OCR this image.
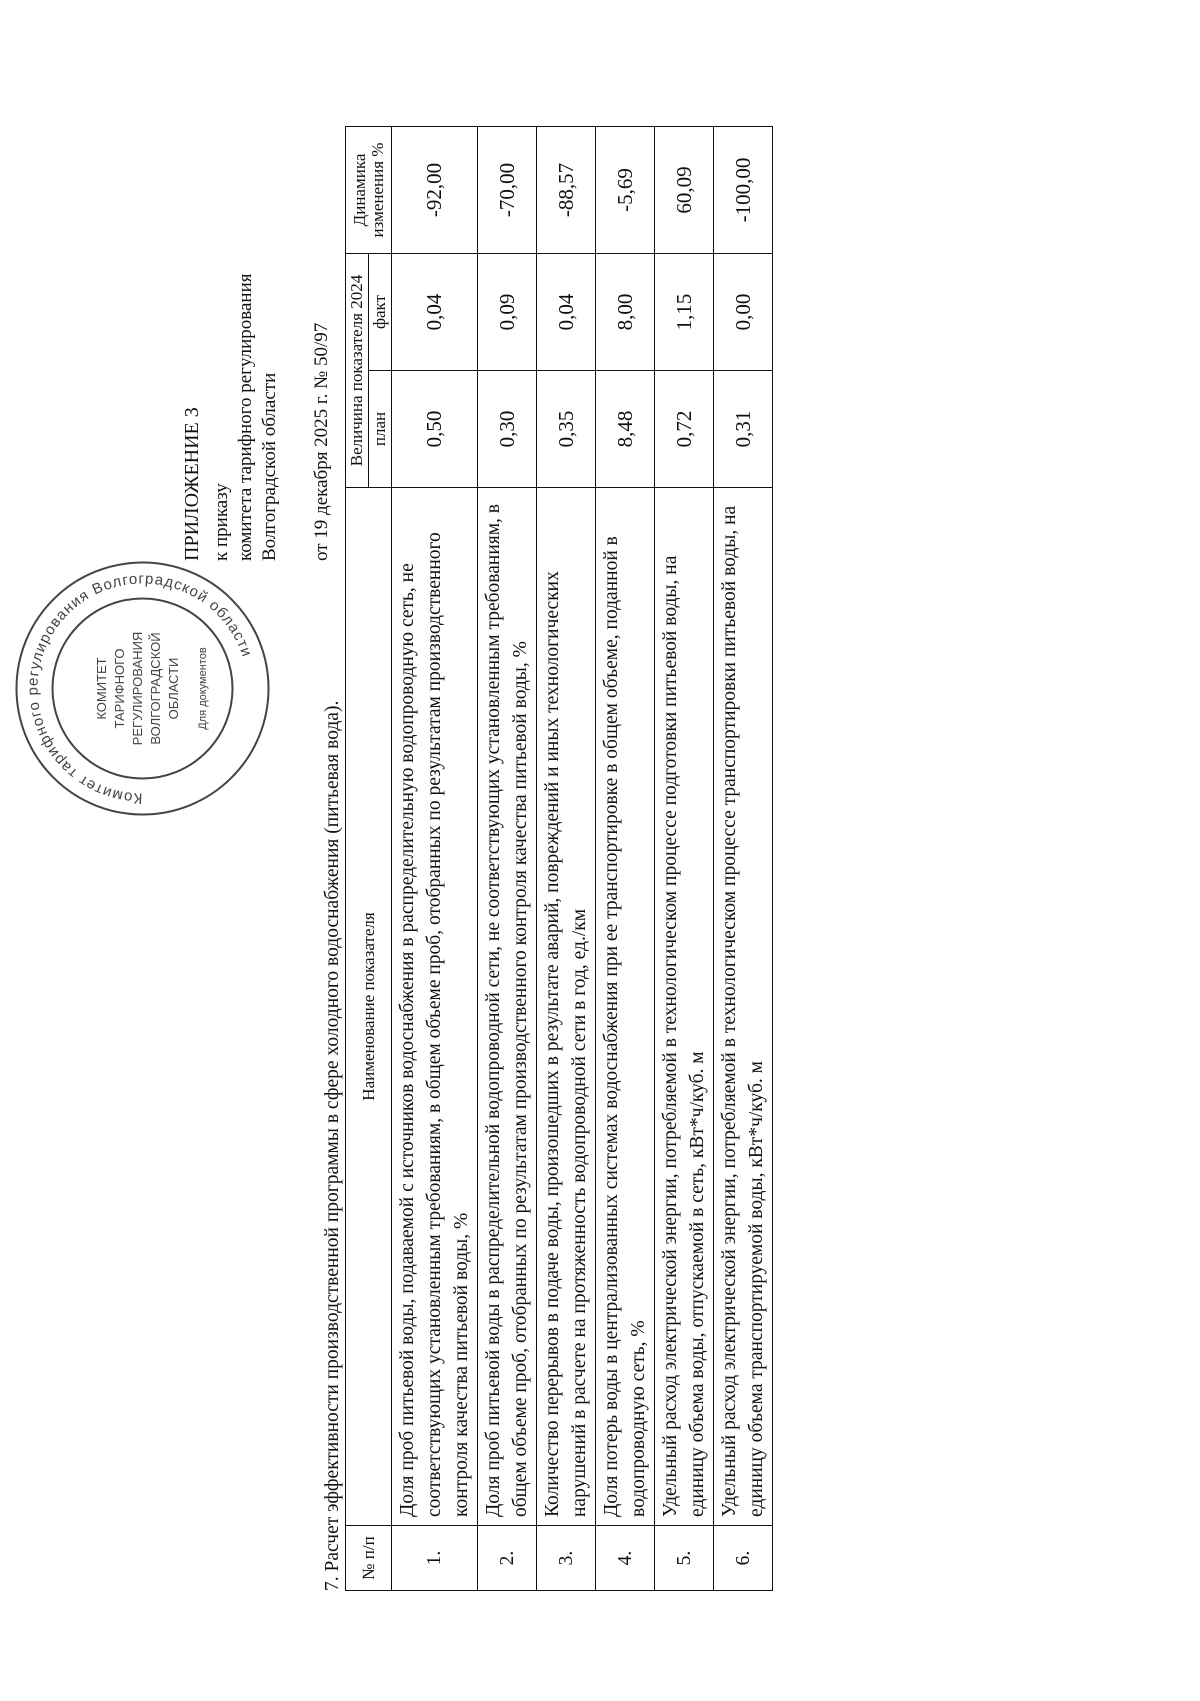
Комитет тарифного регулирования Волгоградской области
КОМИТЕТ ТАРИФНОГО РЕГУЛИРОВАНИЯ ВОЛГОГРАДСКОЙ ОБЛАСТИ Для документов
ПРИЛОЖЕНИЕ 3 к приказу комитета тарифного регулирования Волгоградской области от 19 декабря 2025 г. № 50/97
7. Расчет эффективности производственной программы в сфере холодного водоснабжения (питьевая вода). № п/п	Наименование показателя	Величина показателя 2024		Динамика изменения %
		план	факт	
1.	Доля проб питьевой воды, подаваемой с источников водоснабжения в распределительную водопроводную сеть, не соответствующих установленным требованиям, в общем объеме проб, отобранных по результатам производственного контроля качества питьевой воды, %	0,50	0,04	-92,00
2.	Доля проб питьевой воды в распределительной водопроводной сети, не соответствующих установленным требованиям, в общем объеме проб, отобранных по результатам производственного контроля качества питьевой воды, %	0,30	0,09	-70,00
3.	Количество перерывов в подаче воды, произошедших в результате аварий, повреждений и иных технологических нарушений в расчете на протяженность водопроводной сети в год, ед./км	0,35	0,04	-88,57
4.	Доля потерь воды в централизованных системах водоснабжения при ее транспортировке в общем объеме, поданной в водопроводную сеть, %	8,48	8,00	-5,69
5.	Удельный расход электрической энергии, потребляемой в технологическом процессе подготовки питьевой воды, на единицу объема воды, отпускаемой в сеть, кВт*ч/куб. м	0,72	1,15	60,09
6.	Удельный расход электрической энергии, потребляемой в технологическом процессе транспортировки питьевой воды, на единицу объема транспортируемой воды, кВт*ч/куб. м	0,31	0,00	-100,00
